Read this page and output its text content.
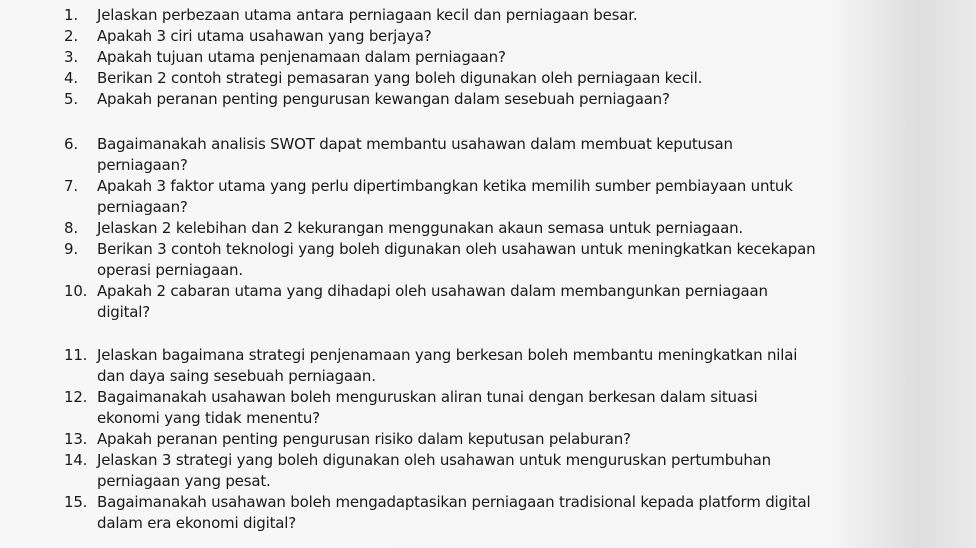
1. Jelaskan perbezaan utama antara perniagaan kecil dan perniagaan besar.
2. Apakah 3 ciri utama usahawan yang berjaya?
3. Apakah tujuan utama penjenamaan dalam perniagaan?
4. Berikan 2 contoh strategi pemasaran yang boleh digunakan oleh perniagaan kecil.
5. Apakah peranan penting pengurusan kewangan dalam sesebuah perniagaan?
6. Bagaimanakah analisis SWOT dapat membantu usahawan dalam membuat keputusan
perniagaan?
7. Apakah 3 faktor utama yang perlu dipertimbangkan ketika memilih sumber pembiayaan untuk
perniagaan?
8. Jelaskan 2 kelebihan dan 2 kekurangan menggunakan akaun semasa untuk perniagaan.
9. Berikan 3 contoh teknologi yang boleh digunakan oleh usahawan untuk meningkatkan kecekapan
operasi perniagaan.
10. Apakah 2 cabaran utama yang dihadapi oleh usahawan dalam membangunkan perniagaan
digital?
11. Jelaskan bagaimana strategi penjenamaan yang berkesan boleh membantu meningkatkan nilai
dan daya saing sesebuah perniagaan.
12. Bagaimanakah usahawan boleh menguruskan aliran tunai dengan berkesan dalam situasi
ekonomi yang tidak menentu?
13. Apakah peranan penting pengurusan risiko dalam keputusan pelaburan?
14. Jelaskan 3 strategi yang boleh digunakan oleh usahawan untuk menguruskan pertumbuhan
perniagaan yang pesat.
15. Bagaimanakah usahawan boleh mengadaptasikan perniagaan tradisional kepada platform digital
dalam era ekonomi digital?
